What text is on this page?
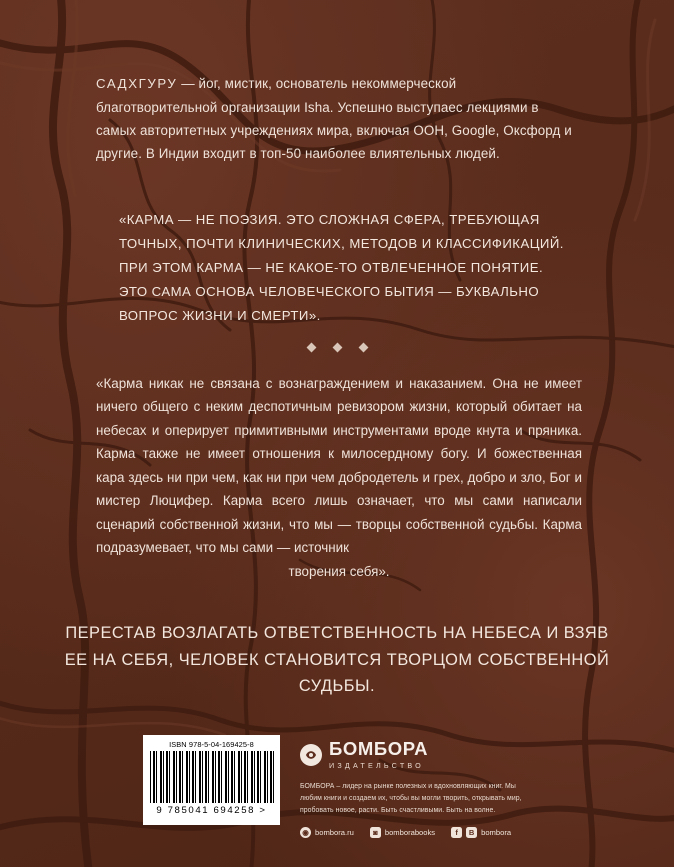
САДХГУРУ — йог, мистик, основатель некоммерческой благотворительной организации Isha. Успешно выступаес лекциями в самых авторитетных учреждениях мира, включая ООН, Google, Оксфорд и другие. В Индии входит в топ-50 наиболее влиятельных людей.
«КАРМА — НЕ ПОЭЗИЯ. ЭТО СЛОЖНАЯ СФЕРА, ТРЕБУЮЩАЯ ТОЧНЫХ, ПОЧТИ КЛИНИЧЕСКИХ, МЕТОДОВ И КЛАССИФИКАЦИЙ. ПРИ ЭТОМ КАРМА — НЕ КАКОЕ-ТО ОТВЛЕЧЕННОЕ ПОНЯТИЕ. ЭТО САМА ОСНОВА ЧЕЛОВЕЧЕСКОГО БЫТИЯ — БУКВАЛЬНО ВОПРОС ЖИЗНИ И СМЕРТИ».
«Карма никак не связана с вознаграждением и наказанием. Она не имеет ничего общего с неким деспотичным ревизором жизни, который обитает на небесах и оперирует примитивными инструментами вроде кнута и пряника. Карма также не имеет отношения к милосердному богу. И божественная кара здесь ни при чем, как ни при чем добродетель и грех, добро и зло, Бог и мистер Люцифер. Карма всего лишь означает, что мы сами написали сценарий собственной жизни, что мы — творцы собственной судьбы. Карма подразумевает, что мы сами — источник
творения себя».
ПЕРЕСТАВ ВОЗЛАГАТЬ ОТВЕТСТВЕННОСТЬ НА НЕБЕСА И ВЗЯВ ЕЕ НА СЕБЯ, ЧЕЛОВЕК СТАНОВИТСЯ ТВОРЦОМ СОБСТВЕННОЙ СУДЬБЫ.
ISBN 978-5-04-169425-8
9 785041 694258 >
БОМБОРА
ИЗДАТЕЛЬСТВО
БОМБОРА – лидер на рынке полезных и вдохновляющих книг. Мы любим книги и создаем их, чтобы вы могли творить, открывать мир, пробовать новое, расти. Быть счастливыми. Быть на волне.
◉ bombora.ru	◙ bomborabooks	f	B bombora
